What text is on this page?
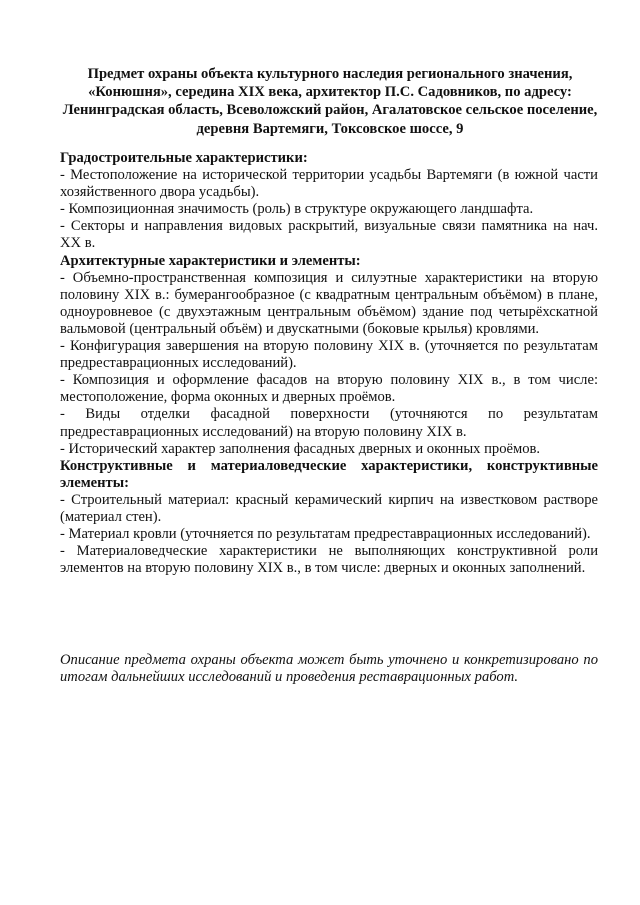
Предмет охраны объекта культурного наследия регионального значения, «Конюшня», середина XIX века, архитектор П.С. Садовников, по адресу: Ленинградская область, Всеволожский район, Агалатовское сельское поселение, деревня Вартемяги, Токсовское шоссе, 9

Градостроительные характеристики:

- Местоположение на исторической территории усадьбы Вартемяги (в южной части хозяйственного двора усадьбы).

- Композиционная значимость (роль) в структуре окружающего ландшафта.

- Секторы и направления видовых раскрытий, визуальные связи памятника на нач. XX в.

Архитектурные характеристики и элементы:

- Объемно-пространственная композиция и силуэтные характеристики на вторую половину XIX в.: бумерангообразное (с квадратным центральным объёмом) в плане, одноуровневое (с двухэтажным центральным объёмом) здание под четырёхскатной вальмовой (центральный объём) и двускатными (боковые крылья) кровлями.

- Конфигурация завершения на вторую половину XIX в. (уточняется по результатам предреставрационных исследований).

- Композиция и оформление фасадов на вторую половину XIX в., в том числе: местоположение, форма оконных и дверных проёмов.

- Виды отделки фасадной поверхности (уточняются по результатам предреставрационных исследований) на вторую половину XIX в.

- Исторический характер заполнения фасадных дверных и оконных проёмов.

Конструктивные и материаловедческие характеристики, конструктивные элементы:

- Строительный материал: красный керамический кирпич на известковом растворе (материал стен).

- Материал кровли (уточняется по результатам предреставрационных исследований).

- Материаловедческие характеристики не выполняющих конструктивной роли элементов на вторую половину XIX в., в том числе: дверных и оконных заполнений.

Описание предмета охраны объекта может быть уточнено и конкретизировано по итогам дальнейших исследований и проведения реставрационных работ.
